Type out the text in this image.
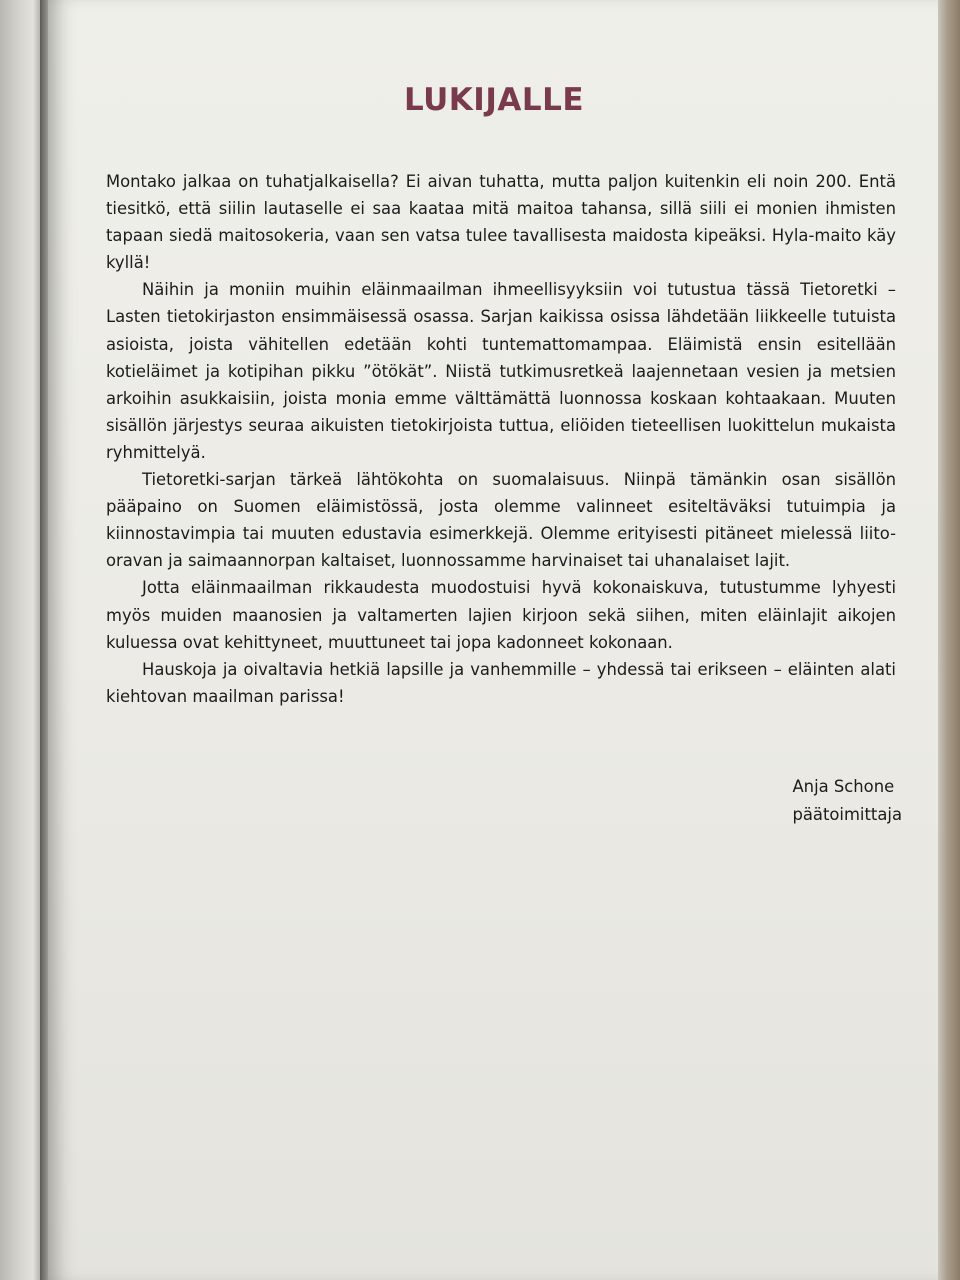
LUKIJALLE

Montako jalkaa on tuhatjalkaisella? Ei aivan tuhatta, mutta paljon kuitenkin eli noin 200. Entä tiesitkö, että siilin lautaselle ei saa kaataa mitä maitoa tahansa, sillä siili ei monien ihmisten tapaan siedä maitosokeria, vaan sen vatsa tulee tavallisesta maidosta kipeäksi. Hyla-maito käy kyllä!

Näihin ja moniin muihin eläinmaailman ihmeellisyyksiin voi tutustua tässä Tietoretki – Lasten tietokirjaston ensimmäisessä osassa. Sarjan kaikissa osissa lähdetään liikkeelle tutuista asioista, joista vähitellen edetään kohti tuntemattomampaa. Eläimistä ensin esitellään kotieläimet ja kotipihan pikku ”ötökät”. Niistä tutkimusretkeä laajennetaan vesien ja metsien arkoihin asukkaisiin, joista monia emme välttämättä luonnossa koskaan kohtaakaan. Muuten sisällön järjestys seuraa aikuisten tietokirjoista tuttua, eliöiden tieteellisen luokittelun mukaista ryhmittelyä.

Tietoretki-sarjan tärkeä lähtökohta on suomalaisuus. Niinpä tämänkin osan sisällön pääpaino on Suomen eläimistössä, josta olemme valinneet esiteltäväksi tutuimpia ja kiinnostavimpia tai muuten edustavia esimerkkejä. Olemme erityisesti pitäneet mielessä liito-oravan ja saimaannorpan kaltaiset, luonnossamme harvinaiset tai uhanalaiset lajit.

Jotta eläinmaailman rikkaudesta muodostuisi hyvä kokonaiskuva, tutustumme lyhyesti myös muiden maanosien ja valtamerten lajien kirjoon sekä siihen, miten eläinlajit aikojen kuluessa ovat kehittyneet, muuttuneet tai jopa kadonneet kokonaan.

Hauskoja ja oivaltavia hetkiä lapsille ja vanhemmille – yhdessä tai erikseen – eläinten alati kiehtovan maailman parissa!

Anja Schone
päätoimittaja
